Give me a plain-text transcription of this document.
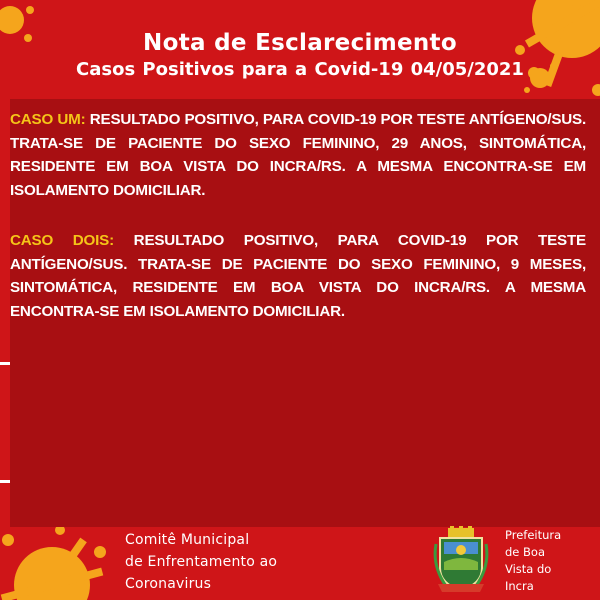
Nota de Esclarecimento
Casos Positivos para a Covid-19 04/05/2021
CASO UM: RESULTADO POSITIVO, PARA COVID-19 POR TESTE ANTÍGENO/SUS. TRATA-SE DE PACIENTE DO SEXO FEMININO, 29 ANOS, SINTOMÁTICA, RESIDENTE EM BOA VISTA DO INCRA/RS. A MESMA ENCONTRA-SE EM ISOLAMENTO DOMICILIAR.
CASO DOIS: RESULTADO POSITIVO, PARA COVID-19 POR TESTE ANTÍGENO/SUS. TRATA-SE DE PACIENTE DO SEXO FEMININO, 9 MESES, SINTOMÁTICA, RESIDENTE EM BOA VISTA DO INCRA/RS. A MESMA ENCONTRA-SE EM ISOLAMENTO DOMICILIAR.
Comitê Municipal
de Enfrentamento ao
Coronavirus
Prefeitura
de Boa
Vista do
Incra
